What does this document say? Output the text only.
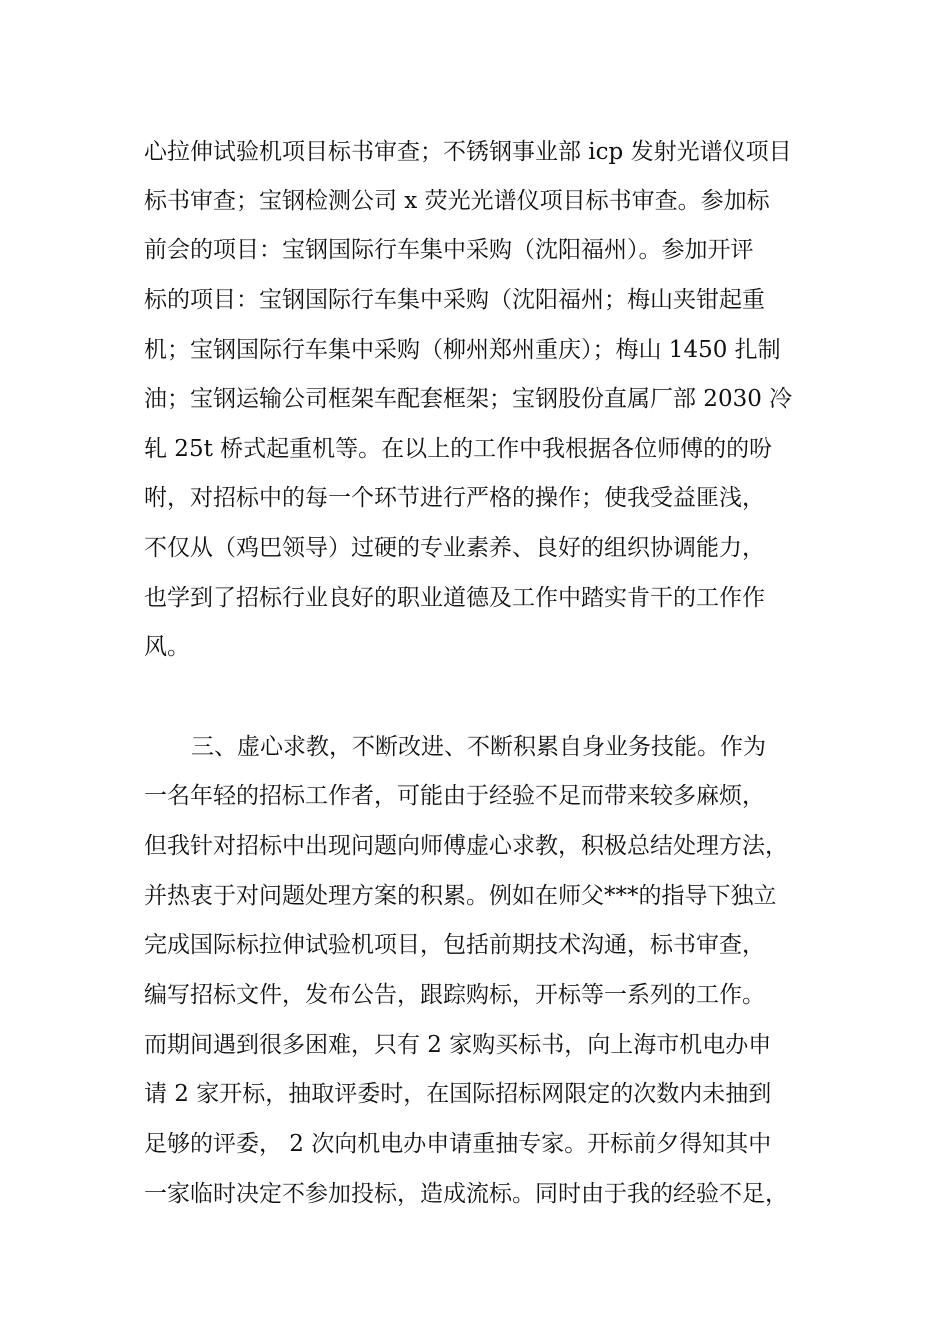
心拉伸试验机项目标书审查；不锈钢事业部 icp 发射光谱仪项目
标书审查；宝钢检测公司 x 荧光光谱仪项目标书审查。参加标
前会的项目：宝钢国际行车集中采购（沈阳福州）。参加开评
标的项目：宝钢国际行车集中采购（沈阳福州；梅山夹钳起重
机；宝钢国际行车集中采购（柳州郑州重庆）；梅山 1450 扎制
油；宝钢运输公司框架车配套框架；宝钢股份直属厂部 2030 冷
轧 25t 桥式起重机等。在以上的工作中我根据各位师傅的的吩
咐，对招标中的每一个环节进行严格的操作；使我受益匪浅，
不仅从（鸡巴领导）过硬的专业素养、良好的组织协调能力，
也学到了招标行业良好的职业道德及工作中踏实肯干的工作作
风。
三、虚心求教，不断改进、不断积累自身业务技能。作为
一名年轻的招标工作者，可能由于经验不足而带来较多麻烦，
但我针对招标中出现问题向师傅虚心求教，积极总结处理方法，
并热衷于对问题处理方案的积累。例如在师父***的指导下独立
完成国际标拉伸试验机项目，包括前期技术沟通，标书审查，
编写招标文件，发布公告，跟踪购标，开标等一系列的工作。
而期间遇到很多困难，只有 2 家购买标书，向上海市机电办申
请 2 家开标，抽取评委时，在国际招标网限定的次数内未抽到
足够的评委， 2 次向机电办申请重抽专家。开标前夕得知其中
一家临时决定不参加投标，造成流标。同时由于我的经验不足，
